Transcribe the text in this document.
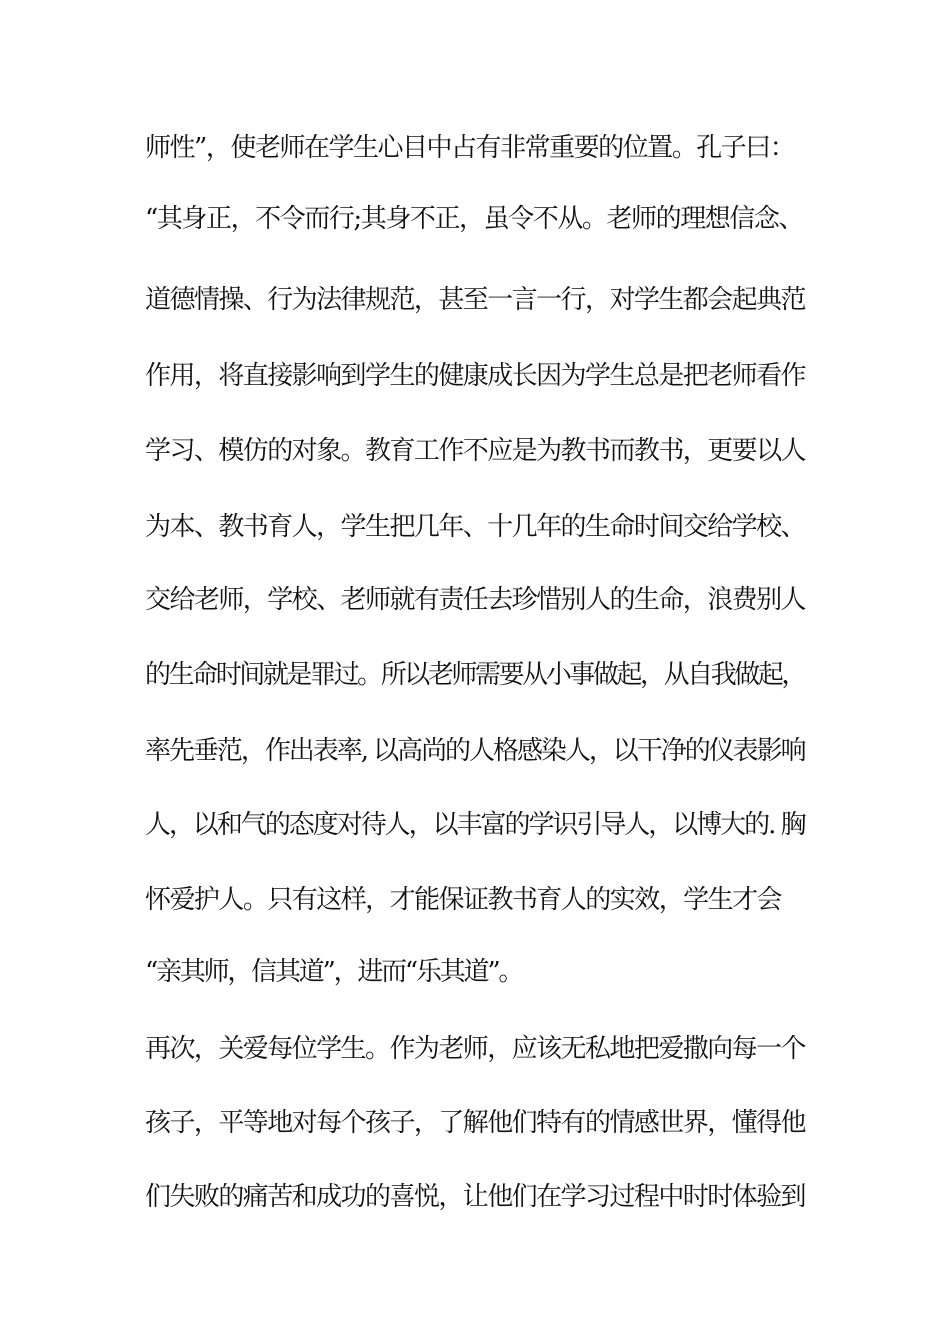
师性”，使老师在学生心目中占有非常重要的位置。孔子曰：
“其身正，不令而行;其身不正，虽令不从。老师的理想信念、
道德情操、行为法律规范，甚至一言一行，对学生都会起典范
作用，将直接影响到学生的健康成长因为学生总是把老师看作
学习、模仿的对象。教育工作不应是为教书而教书，更要以人
为本、教书育人，学生把几年、十几年的生命时间交给学校、
交给老师，学校、老师就有责任去珍惜别人的生命，浪费别人
的生命时间就是罪过。所以老师需要从小事做起，从自我做起，
率先垂范，作出表率, 以高尚的人格感染人，以干净的仪表影响
人，以和气的态度对待人，以丰富的学识引导人，以博大的. 胸
怀爱护人。只有这样，才能保证教书育人的实效，学生才会
“亲其师，信其道”，进而“乐其道”。
再次，关爱每位学生。作为老师，应该无私地把爱撒向每一个
孩子，平等地对每个孩子，了解他们特有的情感世界，懂得他
们失败的痛苦和成功的喜悦，让他们在学习过程中时时体验到
